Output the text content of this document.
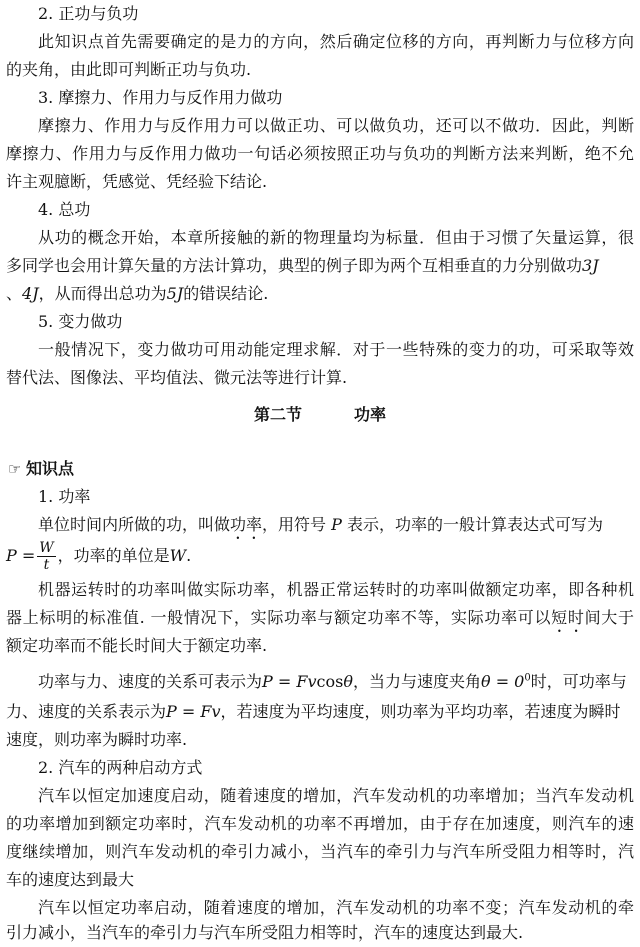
2. 正功与负功
此知识点首先需要确定的是力的方向，然后确定位移的方向，再判断力与位移方向
的夹角，由此即可判断正功与负功.
3. 摩擦力、作用力与反作用力做功
摩擦力、作用力与反作用力可以做正功、可以做负功，还可以不做功．因此，判断
摩擦力、作用力与反作用力做功一句话必须按照正功与负功的判断方法来判断，绝不允
许主观臆断，凭感觉、凭经验下结论.
4. 总功
从功的概念开始，本章所接触的新的物理量均为标量．但由于习惯了矢量运算，很
多同学也会用计算矢量的方法计算功，典型的例子即为两个互相垂直的力分别做功3J
、4J，从而得出总功为5J的错误结论.
5. 变力做功
一般情况下，变力做功可用动能定理求解．对于一些特殊的变力的功，可采取等效
替代法、图像法、平均值法、微元法等进行计算.
第二节	功率
☞ 知识点
1. 功率
单位时间内所做的功，叫做功率，用符号 P 表示，功率的一般计算表达式可写为
$P = \frac{W}{t}$ ，功率的单位是W.
机器运转时的功率叫做实际功率，机器正常运转时的功率叫做额定功率，即各种机
器上标明的标准值. 一般情况下，实际功率与额定功率不等，实际功率可以短时间大于
额定功率而不能长时间大于额定功率.
功率与力、速度的关系可表示为P = Fvcosθ，当力与速度夹角$\theta = 0^0$时，可功率与
力、速度的关系表示为P = Fv，若速度为平均速度，则功率为平均功率，若速度为瞬时
速度，则功率为瞬时功率.
2. 汽车的两种启动方式
汽车以恒定加速度启动，随着速度的增加，汽车发动机的功率增加；当汽车发动机
的功率增加到额定功率时，汽车发动机的功率不再增加，由于存在加速度，则汽车的速
度继续增加，则汽车发动机的牵引力减小，当汽车的牵引力与汽车所受阻力相等时，汽
车的速度达到最大
汽车以恒定功率启动，随着速度的增加，汽车发动机的功率不变；汽车发动机的牵
引力减小，当汽车的牵引力与汽车所受阻力相等时，汽车的速度达到最大.
